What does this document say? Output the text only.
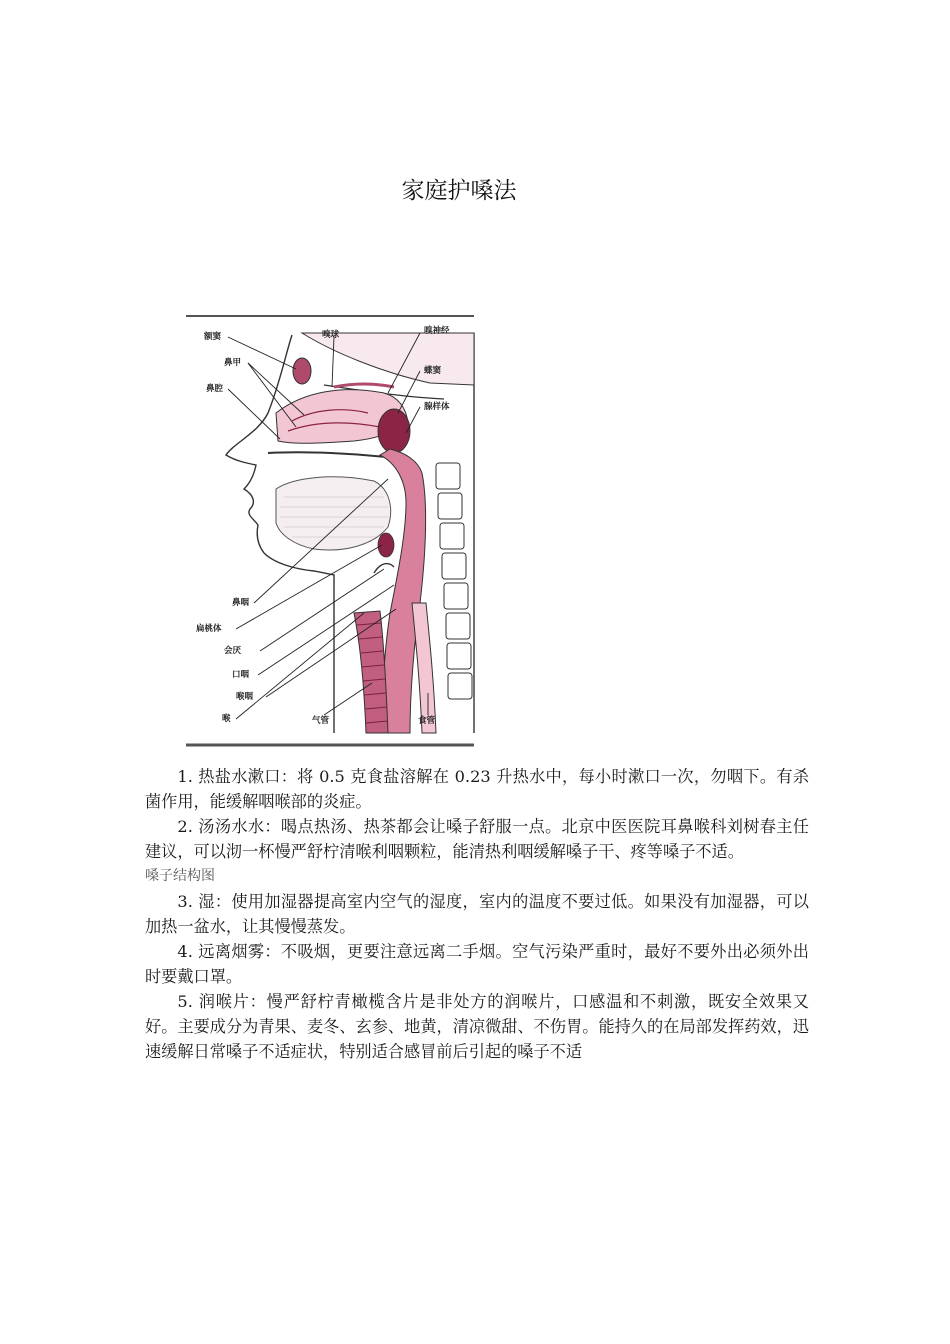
家庭护嗓法
额窦	嗅球	嗅神经
鼻甲
蝶窦
鼻腔
腺样体
鼻咽
扁桃体
会厌
口咽
喉咽
喉	气管	食管

1. 热盐水漱口：将 0.5 克食盐溶解在 0.23 升热水中，每小时漱口一次，勿咽下。有杀菌作用，能缓解咽喉部的炎症。

2. 汤汤水水：喝点热汤、热茶都会让嗓子舒服一点。北京中医医院耳鼻喉科刘树春主任建议，可以沏一杯慢严舒柠清喉利咽颗粒，能清热利咽缓解嗓子干、疼等嗓子不适。

嗓子结构图

3. 湿：使用加湿器提高室内空气的湿度，室内的温度不要过低。如果没有加湿器，可以加热一盆水，让其慢慢蒸发。

4. 远离烟雾：不吸烟，更要注意远离二手烟。空气污染严重时，最好不要外出必须外出时要戴口罩。

5. 润喉片：慢严舒柠青橄榄含片是非处方的润喉片，口感温和不刺激，既安全效果又好。主要成分为青果、麦冬、玄参、地黄，清凉微甜、不伤胃。能持久的在局部发挥药效，迅速缓解日常嗓子不适症状，特别适合感冒前后引起的嗓子不适
